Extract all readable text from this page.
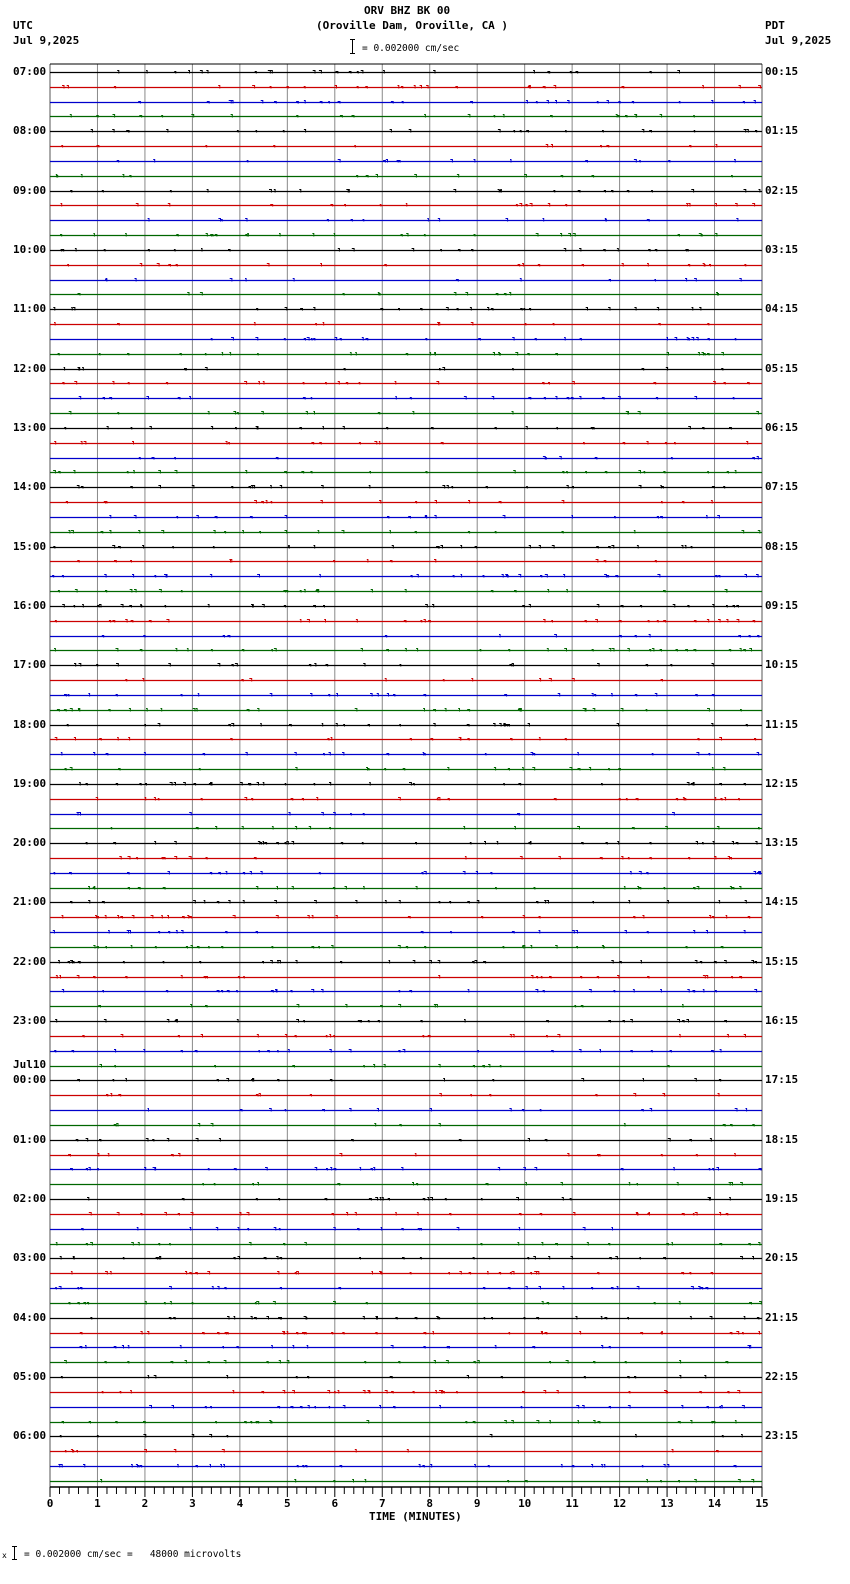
ORV BHZ BK 00
(Oroville Dam, Oroville, CA )
= 0.002000 cm/sec
UTC
Jul 9,2025
PDT
Jul 9,2025
0	1	2	3	4	5	6	7	8	9	10	11	12	13	14	15
07:00
08:00
09:00
10:00
11:00
12:00
13:00
14:00
15:00
16:00
17:00
18:00
19:00
20:00
21:00
22:00
23:00
00:00
Jul10
01:00
02:00
03:00
04:00
05:00
06:00
00:15
01:15
02:15
03:15
04:15
05:15
06:15
07:15
08:15
09:15
10:15
11:15
12:15
13:15
14:15
15:15
16:15
17:15
18:15
19:15
20:15
21:15
22:15
23:15
TIME (MINUTES)
x = 0.002000 cm/sec =   48000 microvolts
